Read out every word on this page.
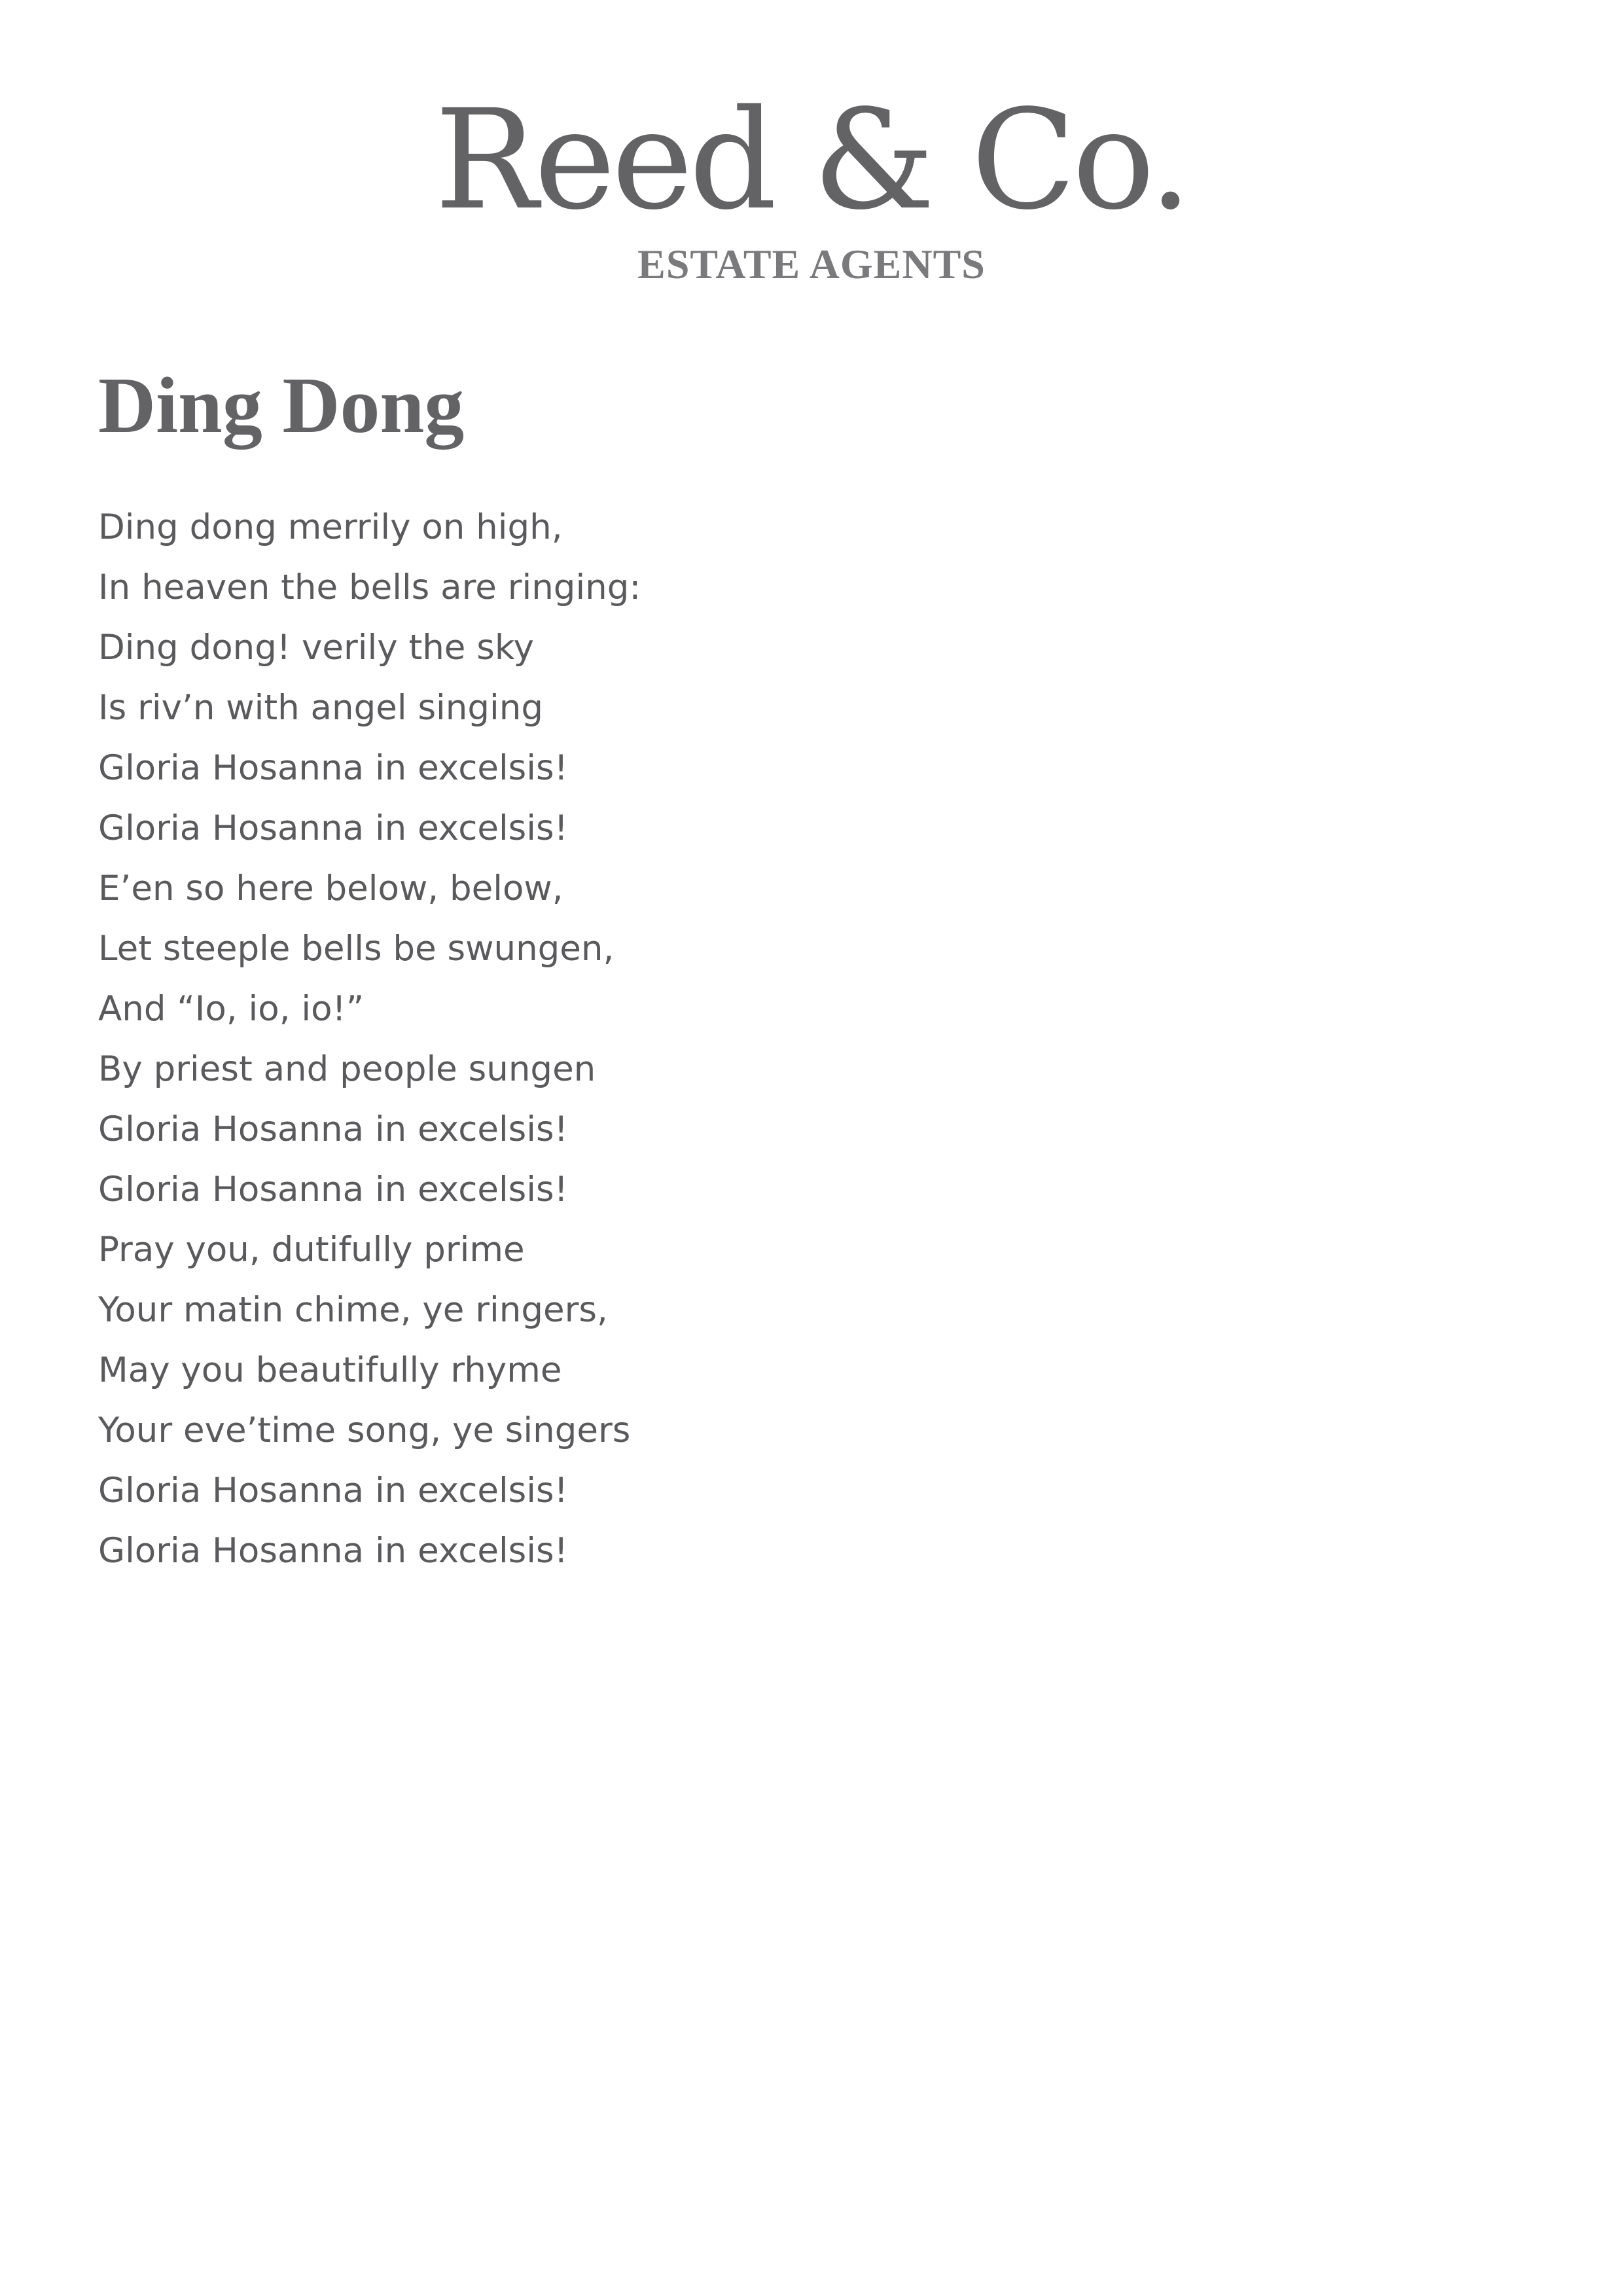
Reed & Co.
ESTATE AGENTS
Ding Dong
Ding dong merrily on high,
In heaven the bells are ringing:
Ding dong! verily the sky
Is riv’n with angel singing
Gloria Hosanna in excelsis!
Gloria Hosanna in excelsis!
E’en so here below, below,
Let steeple bells be swungen,
And “Io, io, io!”
By priest and people sungen
Gloria Hosanna in excelsis!
Gloria Hosanna in excelsis!
Pray you, dutifully prime
Your matin chime, ye ringers,
May you beautifully rhyme
Your eve’time song, ye singers
Gloria Hosanna in excelsis!
Gloria Hosanna in excelsis!
